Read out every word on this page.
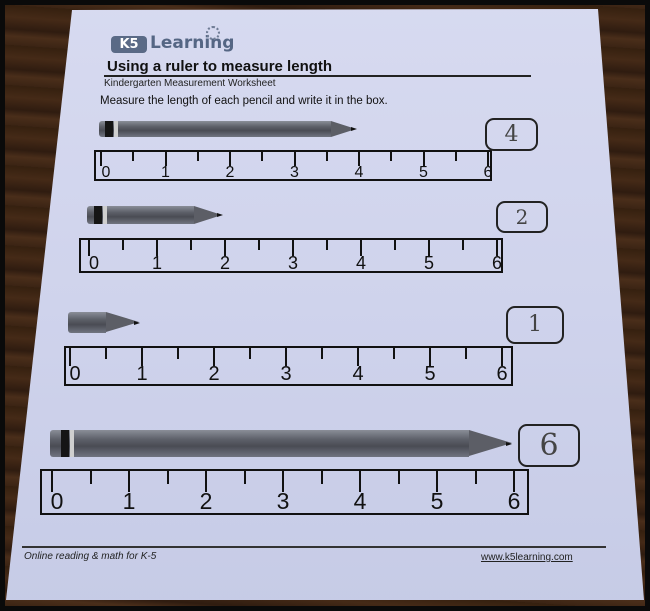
K5 Learning
Using a ruler to measure length
Kindergarten Measurement Worksheet
Measure the length of each pencil and write it in the box.
0	1	2	3	4	5	6
4
0	1	2	3	4	5	6
2
0	1	2	3	4	5	6
1
0	1	2	3	4	5	6
6
Online reading & math for K-5	www.k5learning.com
